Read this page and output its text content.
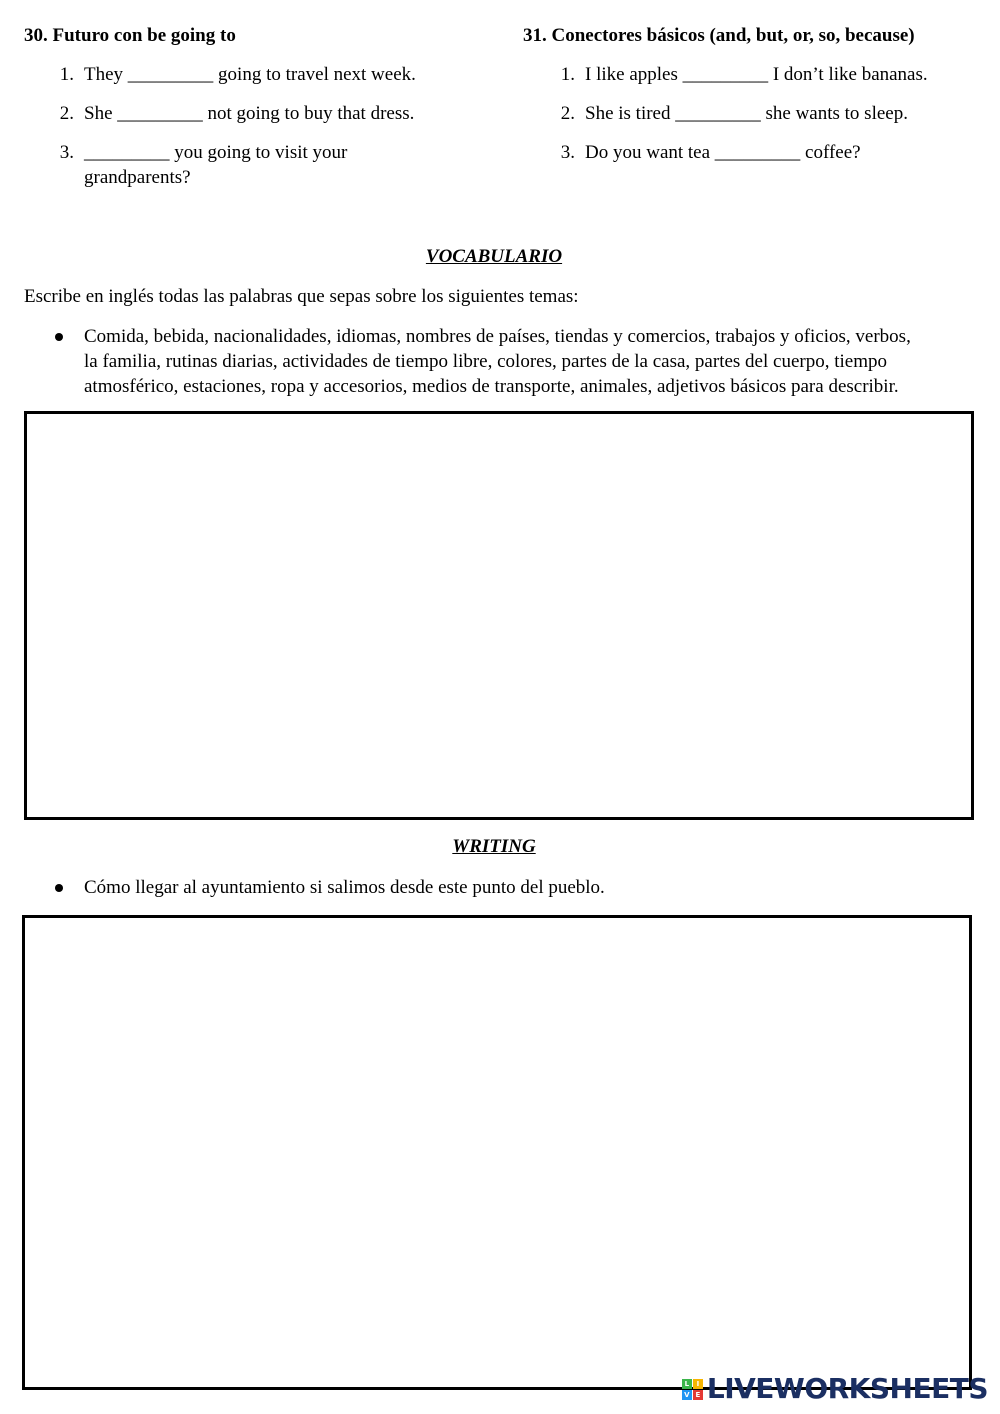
30. Futuro con be going to
1. They _________ going to travel next week.
2. She _________ not going to buy that dress.
3. _________ you going to visit your
grandparents?
31. Conectores básicos (and, but, or, so, because)
1. I like apples _________ I don’t like bananas.
2. She is tired _________ she wants to sleep.
3. Do you want tea _________ coffee?
VOCABULARIO
Escribe en inglés todas las palabras que sepas sobre los siguientes temas:
Comida, bebida, nacionalidades, idiomas, nombres de países, tiendas y comercios, trabajos y oficios, verbos,
la familia, rutinas diarias, actividades de tiempo libre, colores, partes de la casa, partes del cuerpo, tiempo
atmosférico, estaciones, ropa y accesorios, medios de transporte, animales, adjetivos básicos para describir.
WRITING
Cómo llegar al ayuntamiento si salimos desde este punto del pueblo.
L	I
V E LIVEWORKSHEETS
